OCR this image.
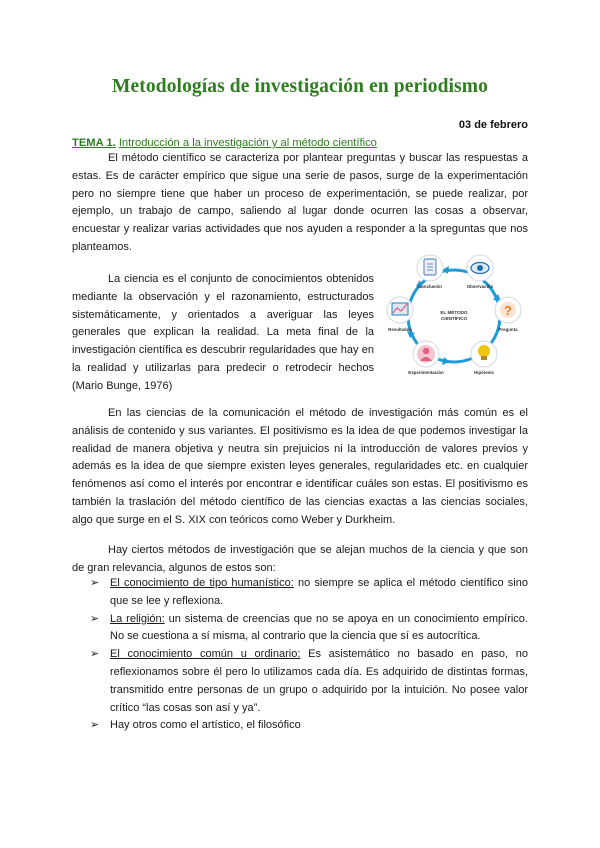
Metodologías de investigación en periodismo
03 de febrero
TEMA 1. Introducción a la investigación y al método científico

El método científico se caracteriza por plantear preguntas y buscar las respuestas a estas. Es de carácter empírico que sigue una serie de pasos, surge de la experimentación pero no siempre tiene que haber un proceso de experimentación, se puede realizar, por ejemplo, un trabajo de campo, saliendo al lugar donde ocurren las cosas a observar, encuestar y realizar varias actividades que nos ayuden a responder a la spreguntas que nos planteamos.

La ciencia es el conjunto de conocimientos obtenidos mediante la observación y el razonamiento, estructurados sistemáticamente, y orientados a averiguar las leyes generales que explican la realidad. La meta final de la investigación científica es descubrir regularidades que hay en la realidad y utilizarlas para predecir o retrodecir hechos (Mario Bunge, 1976)

EL MÉTODO
CIENTÍFICO
Conclusión	Observación
?
Pregunta
Hipótesis
Experimentación
Resultados

En las ciencias de la comunicación el método de investigación más común es el análisis de contenido y sus variantes. El positivismo es la idea de que podemos investigar la realidad de manera objetiva y neutra sin prejuicios ni la introducción de valores previos y además es la idea de que siempre existen leyes generales, regularidades etc. en cualquier fenómenos así como el interés por encontrar e identificar cuáles son estas. El positivismo es también la traslación del método científico de las ciencias exactas a las ciencias sociales, algo que surge en el S. XIX con teóricos como Weber y Durkheim.

Hay ciertos métodos de investigación que se alejan muchos de la ciencia y que son de gran relevancia, algunos de estos son:

➢ El conocimiento de tipo humanístico: no siempre se aplica el método científico sino que se lee y reflexiona.
➢ La religión: un sistema de creencias que no se apoya en un conocimiento empírico. No se cuestiona a sí misma, al contrario que la ciencia que sí es autocrítica.
➢ El conocimiento común u ordinario: Es asistemático no basado en paso, no reflexionamos sobre él pero lo utilizamos cada día. Es adquirido de distintas formas, transmitido entre personas de un grupo o adquirido por la intuición. No posee valor crítico “las cosas son así y ya”.
➢ Hay otros como el artístico, el filosófico
